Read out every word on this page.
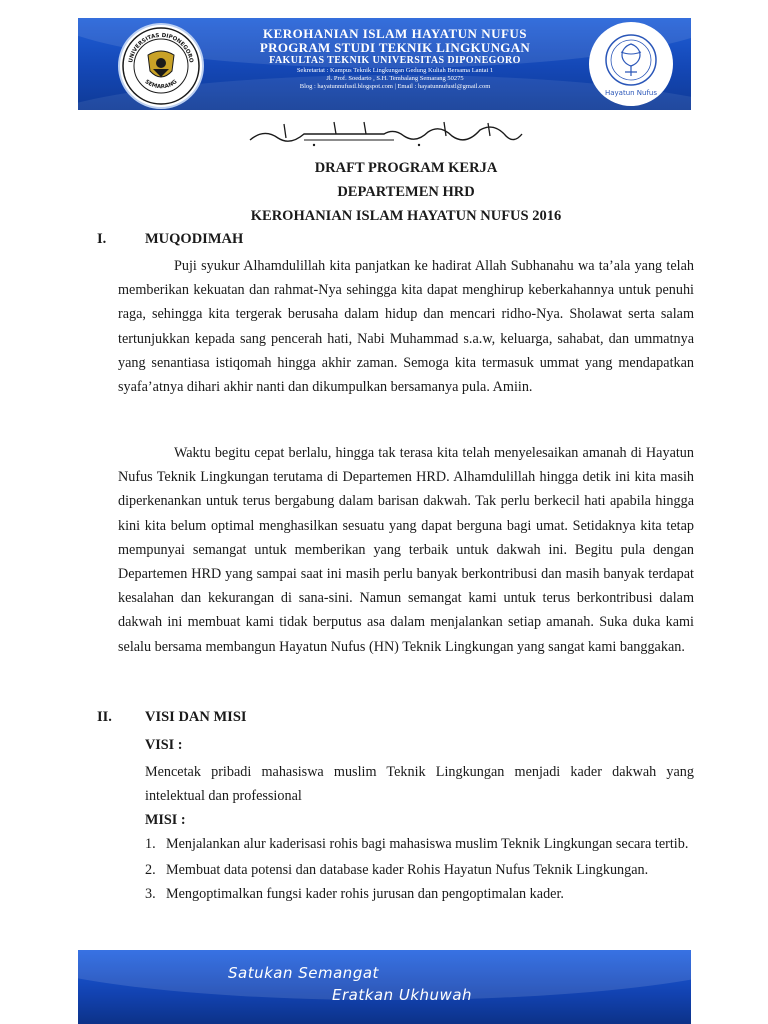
UNIVERSITAS DIPONEGORO
SEMARANG
KEROHANIAN ISLAM HAYATUN NUFUS
PROGRAM STUDI TEKNIK LINGKUNGAN
FAKULTAS TEKNIK UNIVERSITAS DIPONEGORO
Sekretariat : Kampus Teknik Lingkungan Gedung Kuliah Bersama Lantai 1
Jl. Prof. Soedarto , S.H. Tembalang Semarang 50275
Blog : hayatunnufustl.blogspot.com | Email : hayatunnufustl@gmail.com
Hayatun Nufus
DRAFT PROGRAM KERJA
DEPARTEMEN HRD
KEROHANIAN ISLAM HAYATUN NUFUS 2016
I.	MUQODIMAH

Puji syukur Alhamdulillah kita panjatkan ke hadirat Allah Subhanahu wa ta’ala yang telah memberikan kekuatan dan rahmat-Nya sehingga kita dapat menghirup keberkahannya untuk penuhi raga, sehingga kita tergerak berusaha dalam hidup dan mencari ridho-Nya. Sholawat serta salam tertunjukkan kepada sang pencerah hati, Nabi Muhammad s.a.w, keluarga, sahabat, dan ummatnya yang senantiasa istiqomah hingga akhir zaman. Semoga kita termasuk ummat yang mendapatkan syafa’atnya dihari akhir nanti dan dikumpulkan bersamanya pula. Amiin.

Waktu begitu cepat berlalu, hingga tak terasa kita telah menyelesaikan amanah di Hayatun Nufus Teknik Lingkungan terutama di Departemen HRD. Alhamdulillah hingga detik ini kita masih diperkenankan untuk terus bergabung dalam barisan dakwah. Tak perlu berkecil hati apabila hingga kini kita belum optimal menghasilkan sesuatu yang dapat berguna bagi umat. Setidaknya kita tetap mempunyai semangat untuk memberikan yang terbaik untuk dakwah ini. Begitu pula dengan Departemen HRD yang sampai saat ini masih perlu banyak berkontribusi dan masih banyak terdapat kesalahan dan kekurangan di sana-sini. Namun semangat kami untuk terus berkontribusi dalam dakwah ini membuat kami tidak berputus asa dalam menjalankan setiap amanah. Suka duka kami selalu bersama membangun Hayatun Nufus (HN) Teknik Lingkungan yang sangat kami banggakan.

II. VISI DAN MISI
VISI :
Mencetak pribadi mahasiswa muslim Teknik Lingkungan menjadi kader dakwah yang intelektual dan professional
MISI :
1. Menjalankan alur kaderisasi rohis bagi mahasiswa muslim Teknik Lingkungan secara tertib.
2. Membuat data potensi dan database kader Rohis Hayatun Nufus Teknik Lingkungan.
3. Mengoptimalkan fungsi kader rohis jurusan dan pengoptimalan kader.
Satukan Semangat
Eratkan Ukhuwah
